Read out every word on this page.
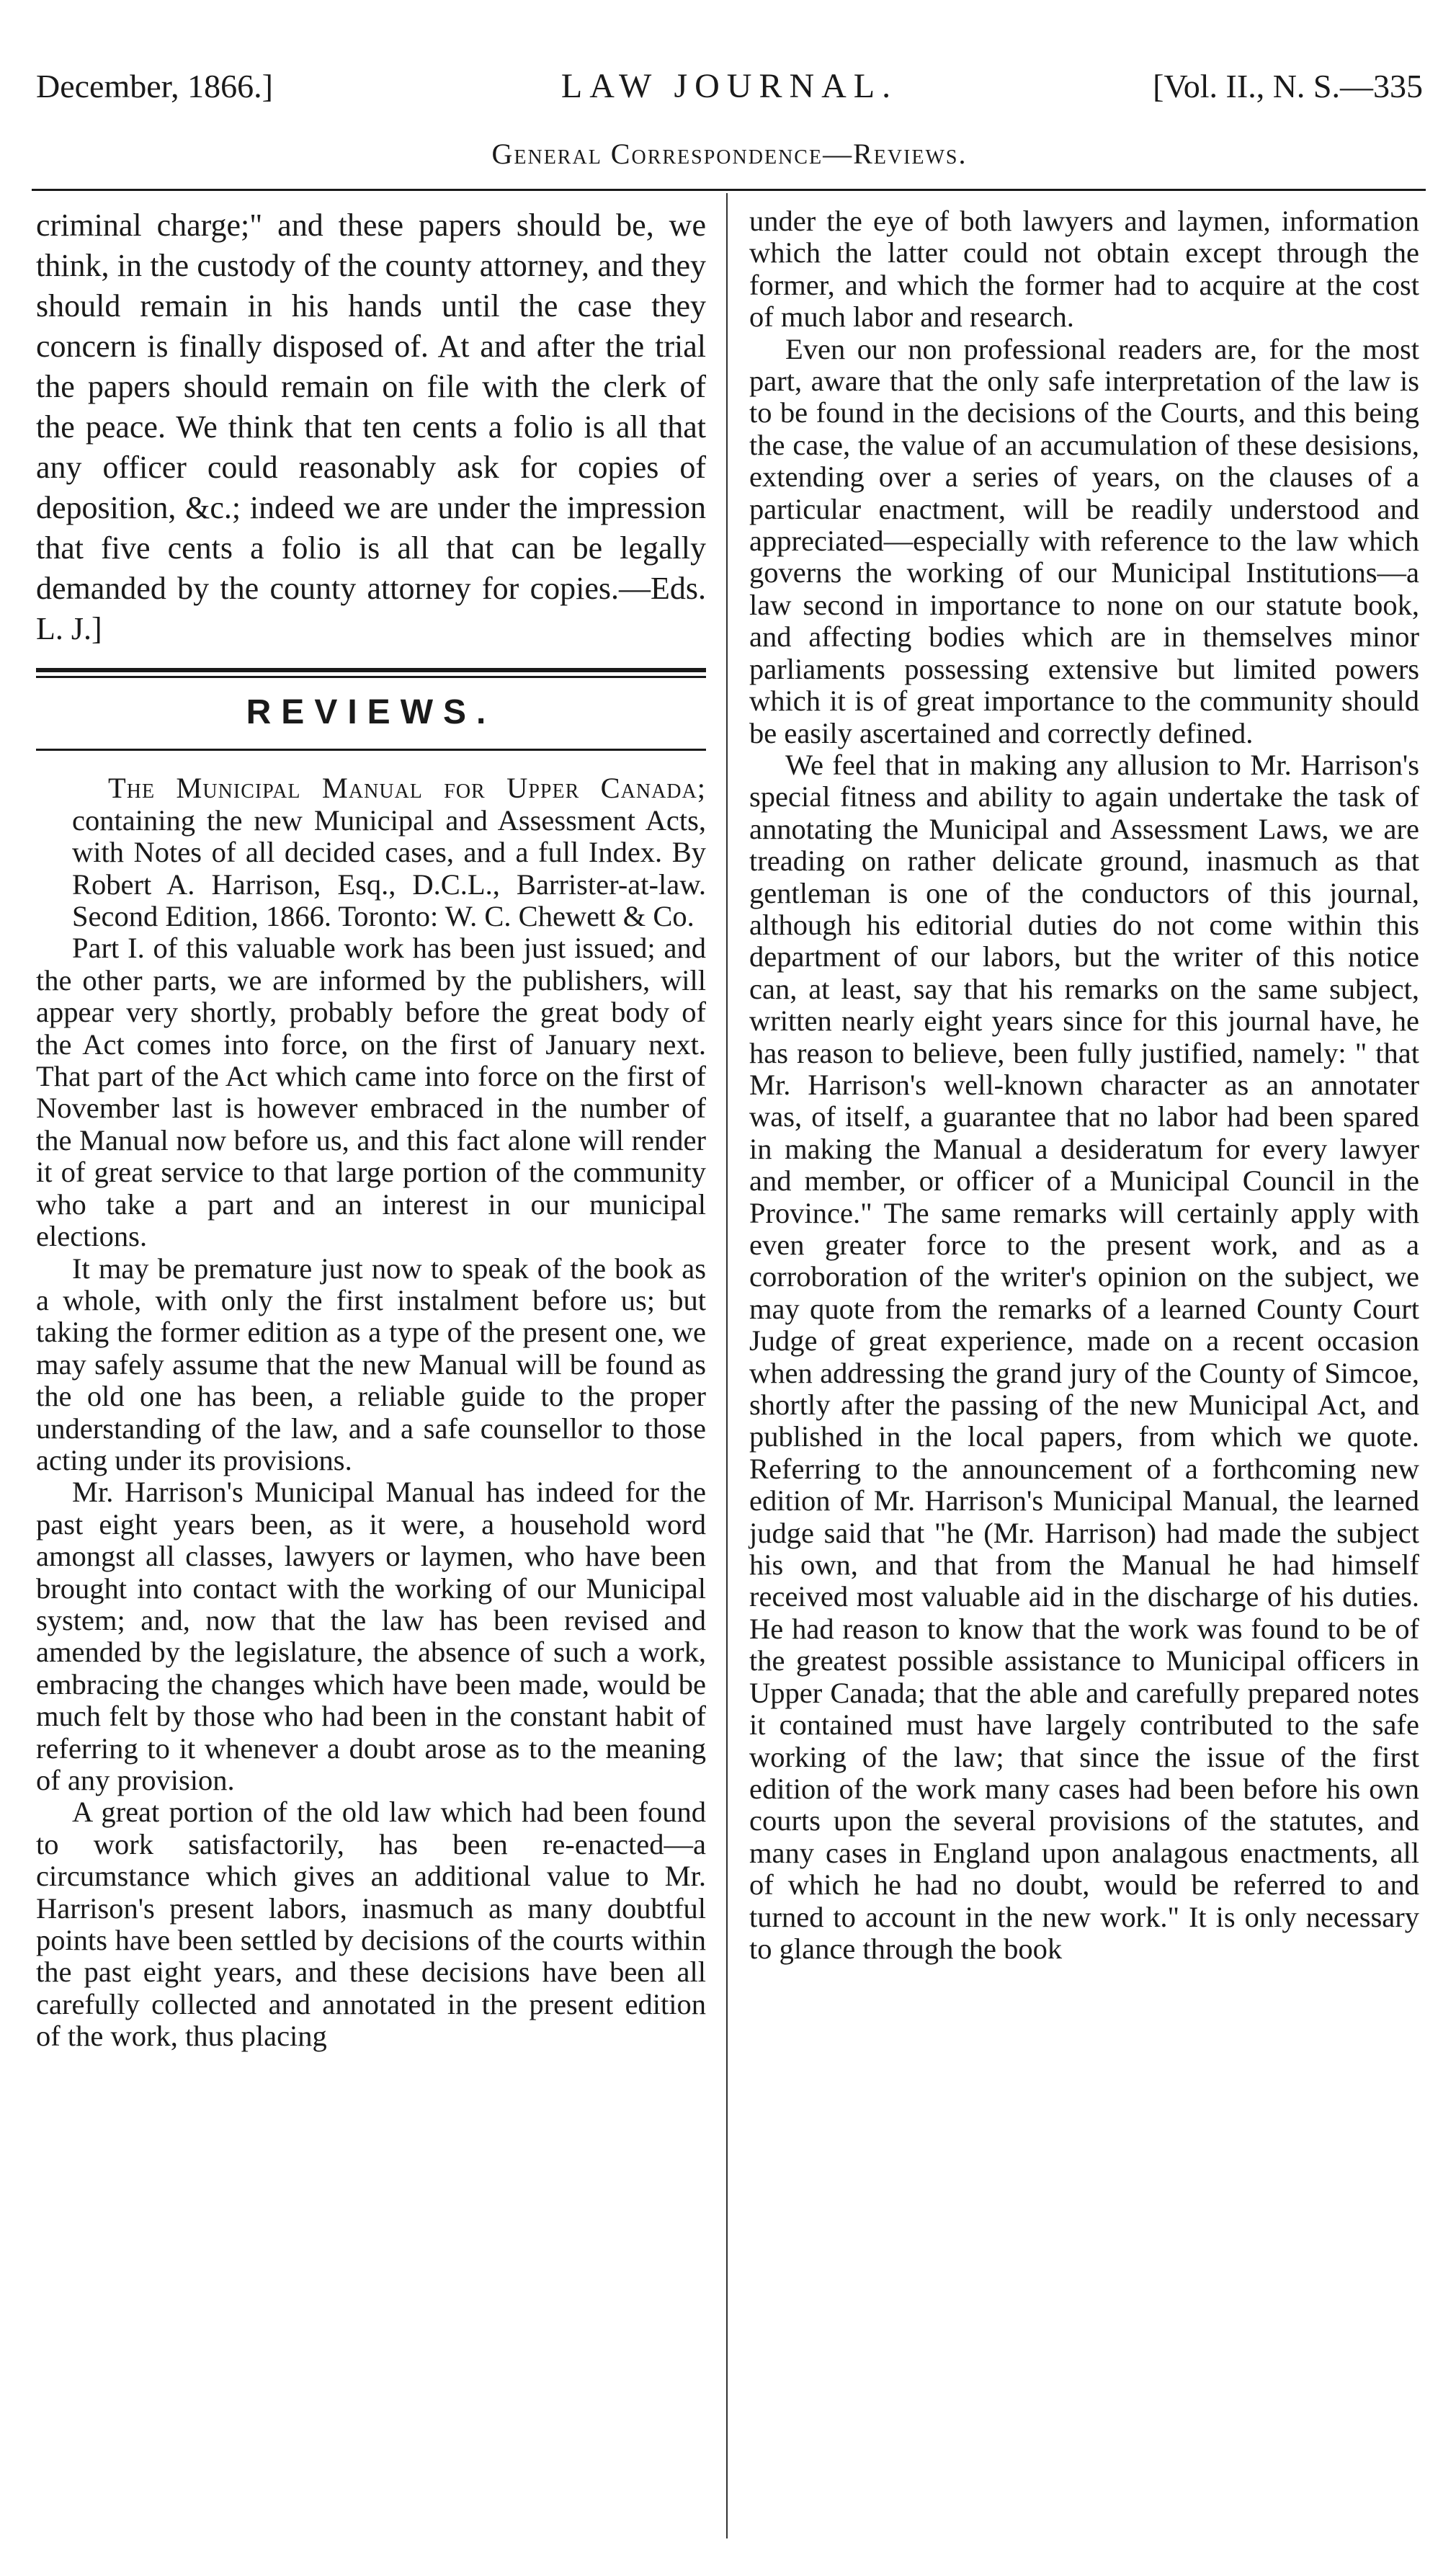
December, 1866.]	LAW JOURNAL.	[Vol. II., N. S.—335
General Correspondence—Reviews.

criminal charge;" and these papers should be, we think, in the custody of the county attorney, and they should remain in his hands until the case they concern is finally disposed of. At and after the trial the papers should remain on file with the clerk of the peace. We think that ten cents a folio is all that any officer could reasonably ask for copies of deposition, &c.; indeed we are under the impression that five cents a folio is all that can be legally demanded by the county attorney for copies.—Eds. L. J.]

REVIEWS.

The Municipal Manual for Upper Canada; containing the new Municipal and Assessment Acts, with Notes of all decided cases, and a full Index. By Robert A. Harrison, Esq., D.C.L., Barrister-at-law. Second Edition, 1866. Toronto: W. C. Chewett & Co.

Part I. of this valuable work has been just issued; and the other parts, we are informed by the publishers, will appear very shortly, probably before the great body of the Act comes into force, on the first of January next. That part of the Act which came into force on the first of November last is however embraced in the number of the Manual now before us, and this fact alone will render it of great service to that large portion of the community who take a part and an interest in our municipal elections.

It may be premature just now to speak of the book as a whole, with only the first instalment before us; but taking the former edition as a type of the present one, we may safely assume that the new Manual will be found as the old one has been, a reliable guide to the proper understanding of the law, and a safe counsellor to those acting under its provisions.

Mr. Harrison's Municipal Manual has indeed for the past eight years been, as it were, a household word amongst all classes, lawyers or laymen, who have been brought into contact with the working of our Municipal system; and, now that the law has been revised and amended by the legislature, the absence of such a work, embracing the changes which have been made, would be much felt by those who had been in the constant habit of referring to it whenever a doubt arose as to the meaning of any provision.

A great portion of the old law which had been found to work satisfactorily, has been re-enacted—a circumstance which gives an additional value to Mr. Harrison's present labors, inasmuch as many doubtful points have been settled by decisions of the courts within the past eight years, and these decisions have been all carefully collected and annotated in the present edition of the work, thus placing

under the eye of both lawyers and laymen, information which the latter could not obtain except through the former, and which the former had to acquire at the cost of much labor and research.

Even our non professional readers are, for the most part, aware that the only safe interpretation of the law is to be found in the decisions of the Courts, and this being the case, the value of an accumulation of these desisions, extending over a series of years, on the clauses of a particular enactment, will be readily understood and appreciated—especially with reference to the law which governs the working of our Municipal Institutions—a law second in importance to none on our statute book, and affecting bodies which are in themselves minor parliaments possessing extensive but limited powers which it is of great importance to the community should be easily ascertained and correctly defined.

We feel that in making any allusion to Mr. Harrison's special fitness and ability to again undertake the task of annotating the Municipal and Assessment Laws, we are treading on rather delicate ground, inasmuch as that gentleman is one of the conductors of this journal, although his editorial duties do not come within this department of our labors, but the writer of this notice can, at least, say that his remarks on the same subject, written nearly eight years since for this journal have, he has reason to believe, been fully justified, namely: " that Mr. Harrison's well-known character as an annotater was, of itself, a guarantee that no labor had been spared in making the Manual a desideratum for every lawyer and member, or officer of a Municipal Council in the Province." The same remarks will certainly apply with even greater force to the present work, and as a corroboration of the writer's opinion on the subject, we may quote from the remarks of a learned County Court Judge of great experience, made on a recent occasion when addressing the grand jury of the County of Simcoe, shortly after the passing of the new Municipal Act, and published in the local papers, from which we quote. Referring to the announcement of a forthcoming new edition of Mr. Harrison's Municipal Manual, the learned judge said that "he (Mr. Harrison) had made the subject his own, and that from the Manual he had himself received most valuable aid in the discharge of his duties. He had reason to know that the work was found to be of the greatest possible assistance to Municipal officers in Upper Canada; that the able and carefully prepared notes it contained must have largely contributed to the safe working of the law; that since the issue of the first edition of the work many cases had been before his own courts upon the several provisions of the statutes, and many cases in England upon analagous enactments, all of which he had no doubt, would be referred to and turned to account in the new work." It is only necessary to glance through the book
